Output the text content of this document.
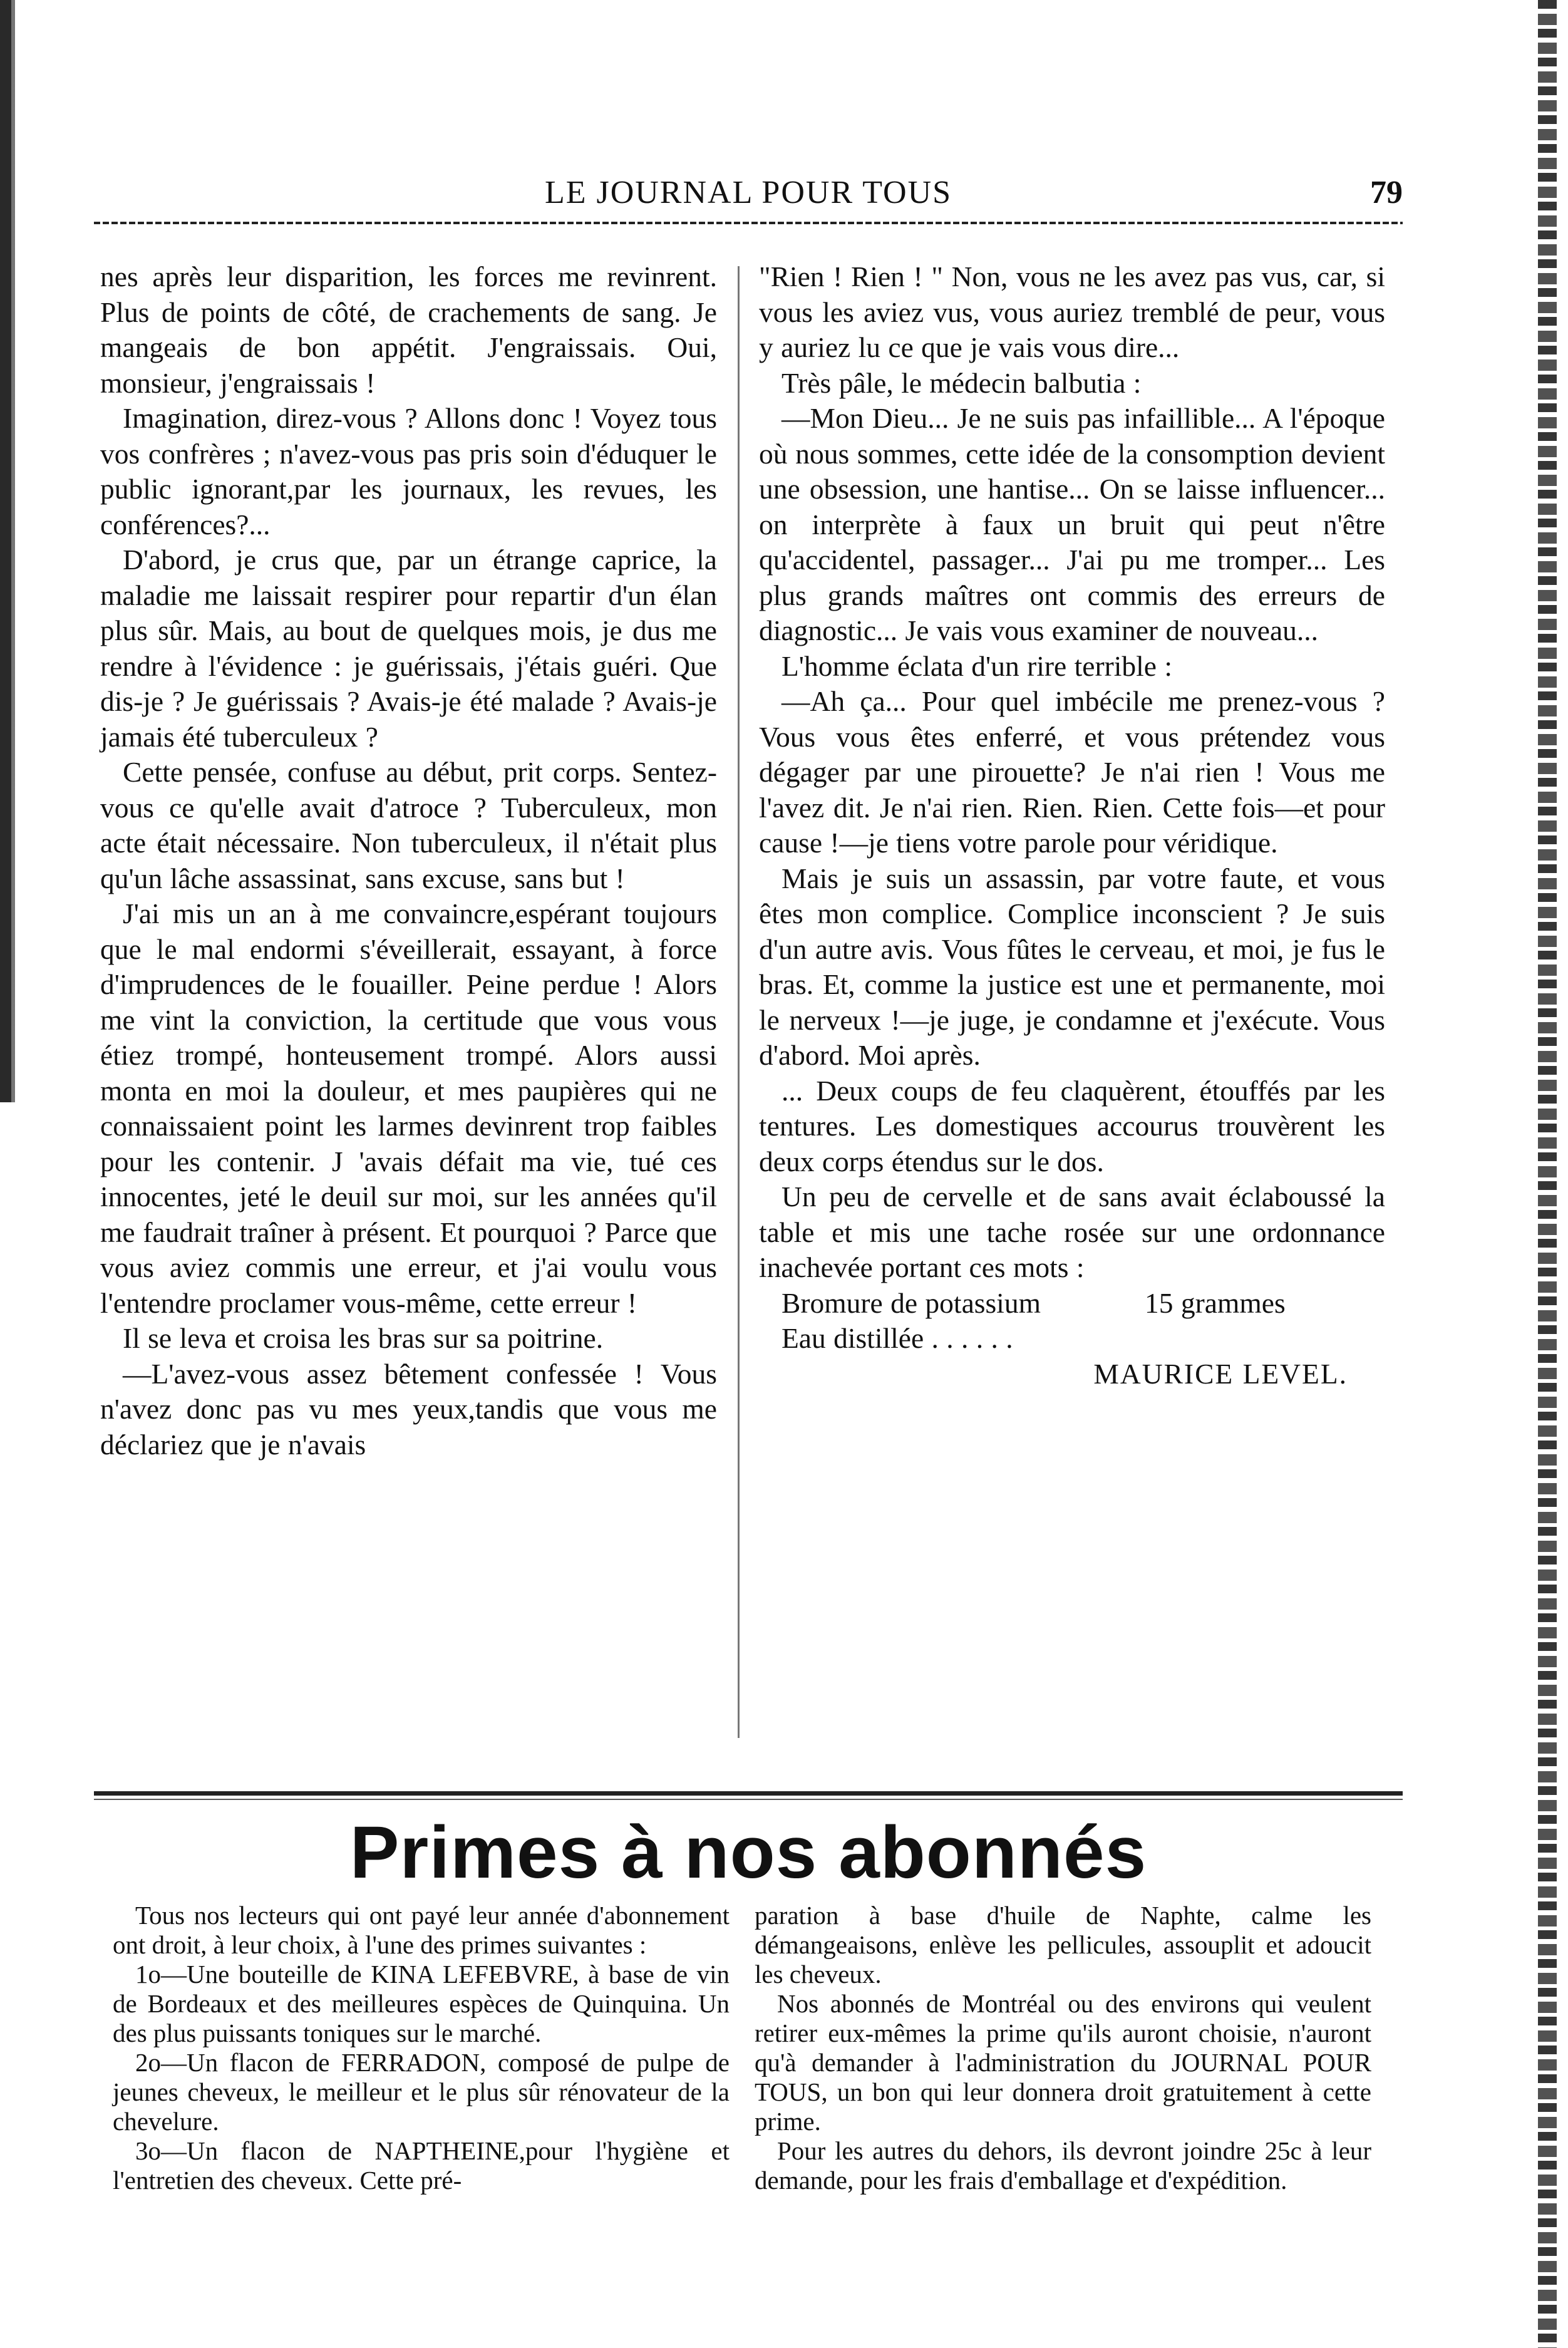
LE JOURNAL POUR TOUS	79

nes après leur disparition, les forces me revinrent. Plus de points de côté, de crachements de sang. Je mangeais de bon appétit. J'engraissais. Oui, monsieur, j'engraissais !

Imagination, direz-vous ? Allons donc ! Voyez tous vos confrères ; n'avez-vous pas pris soin d'éduquer le public ignorant,par les journaux, les revues, les conférences?...

D'abord, je crus que, par un étrange caprice, la maladie me laissait respirer pour repartir d'un élan plus sûr. Mais, au bout de quelques mois, je dus me rendre à l'évidence : je guérissais, j'étais guéri. Que dis-je ? Je guérissais ? Avais-je été malade ? Avais-je jamais été tuberculeux ?

Cette pensée, confuse au début, prit corps. Sentez-vous ce qu'elle avait d'atroce ? Tuberculeux, mon acte était nécessaire. Non tuberculeux, il n'était plus qu'un lâche assassinat, sans excuse, sans but !

J'ai mis un an à me convaincre,espérant toujours que le mal endormi s'éveillerait, essayant, à force d'imprudences de le fouailler. Peine perdue ! Alors me vint la conviction, la certitude que vous vous étiez trompé, honteusement trompé. Alors aussi monta en moi la douleur, et mes paupières qui ne connaissaient point les larmes devinrent trop faibles pour les contenir. J 'avais défait ma vie, tué ces innocentes, jeté le deuil sur moi, sur les années qu'il me faudrait traîner à présent. Et pourquoi ? Parce que vous aviez commis une erreur, et j'ai voulu vous l'entendre proclamer vous-même, cette erreur !

Il se leva et croisa les bras sur sa poitrine.

—L'avez-vous assez bêtement confessée ! Vous n'avez donc pas vu mes yeux,tandis que vous me déclariez que je n'avais

"Rien ! Rien ! " Non, vous ne les avez pas vus, car, si vous les aviez vus, vous auriez tremblé de peur, vous y auriez lu ce que je vais vous dire...

Très pâle, le médecin balbutia :

—Mon Dieu... Je ne suis pas infaillible... A l'époque où nous sommes, cette idée de la consomption devient une obsession, une hantise... On se laisse influencer... on interprète à faux un bruit qui peut n'être qu'accidentel, passager... J'ai pu me tromper... Les plus grands maîtres ont commis des erreurs de diagnostic... Je vais vous examiner de nouveau...

L'homme éclata d'un rire terrible :

—Ah ça... Pour quel imbécile me prenez-vous ? Vous vous êtes enferré, et vous prétendez vous dégager par une pirouette? Je n'ai rien ! Vous me l'avez dit. Je n'ai rien. Rien. Rien. Cette fois—et pour cause !—je tiens votre parole pour véridique.

Mais je suis un assassin, par votre faute, et vous êtes mon complice. Complice inconscient ? Je suis d'un autre avis. Vous fûtes le cerveau, et moi, je fus le bras. Et, comme la justice est une et permanente, moi le nerveux !—je juge, je condamne et j'exécute. Vous d'abord. Moi après.

... Deux coups de feu claquèrent, étouffés par les tentures. Les domestiques accourus trouvèrent les deux corps étendus sur le dos.

Un peu de cervelle et de sans avait éclaboussé la table et mis une tache rosée sur une ordonnance inachevée portant ces mots :

Bromure de potassium	15 grammes
Eau distillée . . . . . .
MAURICE LEVEL.
Primes à nos abonnés

Tous nos lecteurs qui ont payé leur année d'abonnement ont droit, à leur choix, à l'une des primes suivantes :

1o—Une bouteille de KINA LEFEBVRE, à base de vin de Bordeaux et des meilleures espèces de Quinquina. Un des plus puissants toniques sur le marché.

2o—Un flacon de FERRADON, composé de pulpe de jeunes cheveux, le meilleur et le plus sûr rénovateur de la chevelure.

3o—Un flacon de NAPTHEINE,pour l'hygiène et l'entretien des cheveux. Cette pré-

paration à base d'huile de Naphte, calme les démangeaisons, enlève les pellicules, assouplit et adoucit les cheveux.

Nos abonnés de Montréal ou des environs qui veulent retirer eux-mêmes la prime qu'ils auront choisie, n'auront qu'à demander à l'administration du JOURNAL POUR TOUS, un bon qui leur donnera droit gratuitement à cette prime.

Pour les autres du dehors, ils devront joindre 25c à leur demande, pour les frais d'emballage et d'expédition.
